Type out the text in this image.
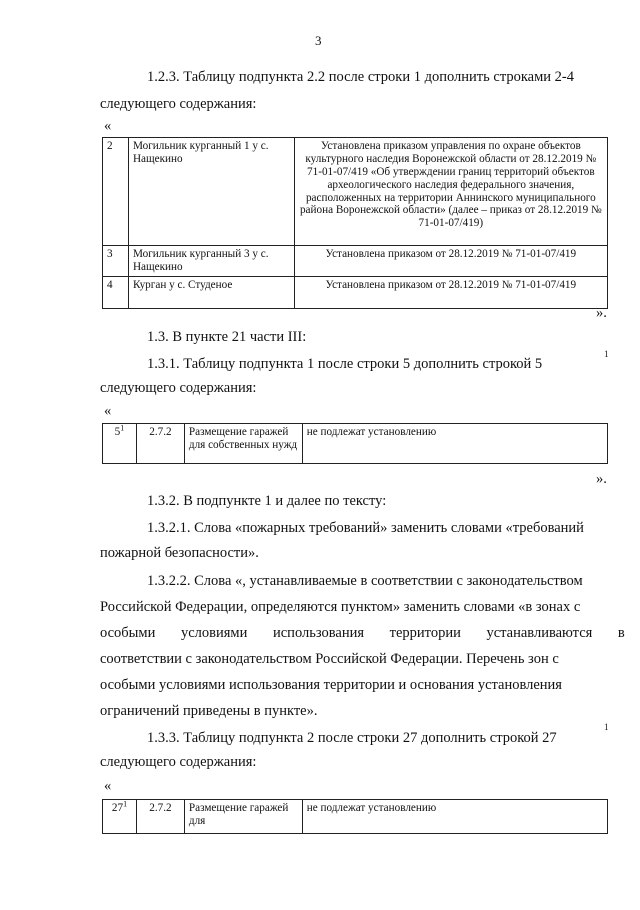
3
1.2.3. Таблицу подпункта 2.2 после строки 1 дополнить строками 2-4
следующего содержания:
«
2	Могильник курганный 1 у с. Нащекино	Установлена приказом управления по охране объектов культурного наследия Воронежской области от 28.12.2019 № 71-01-07/419 «Об утверждении границ территорий объектов археологического наследия федерального значения, расположенных на территории Аннинского муниципального района Воронежской области» (далее – приказ от 28.12.2019 № 71-01-07/419)
3	Могильник курганный 3 у с. Нащекино	Установлена приказом от 28.12.2019 № 71-01-07/419
4	Курган у с. Студеное	Установлена приказом от 28.12.2019 № 71-01-07/419
».
1.3. В пункте 21 части III:
1.3.1. Таблицу подпункта 1 после строки 5 дополнить строкой 5
1
следующего содержания:
«
$5^1$	2.7.2	Размещение гаражей для собственных нужд	не подлежат установлению
».
1.3.2. В подпункте 1 и далее по тексту:
1.3.2.1. Слова «пожарных требований» заменить словами «требований
пожарной безопасности».
1.3.2.2. Слова «, устанавливаемые в соответствии с законодательством
Российской Федерации, определяются пунктом» заменить словами «в зонах с
особыми условиями использования территории устанавливаются в
соответствии с законодательством Российской Федерации. Перечень зон с
особыми условиями использования территории и основания установления
ограничений приведены в пункте».
1.3.3. Таблицу подпункта 2 после строки 27 дополнить строкой 27
1
следующего содержания:
«
$27^1$	2.7.2	Размещение гаражей для	не подлежат установлению
